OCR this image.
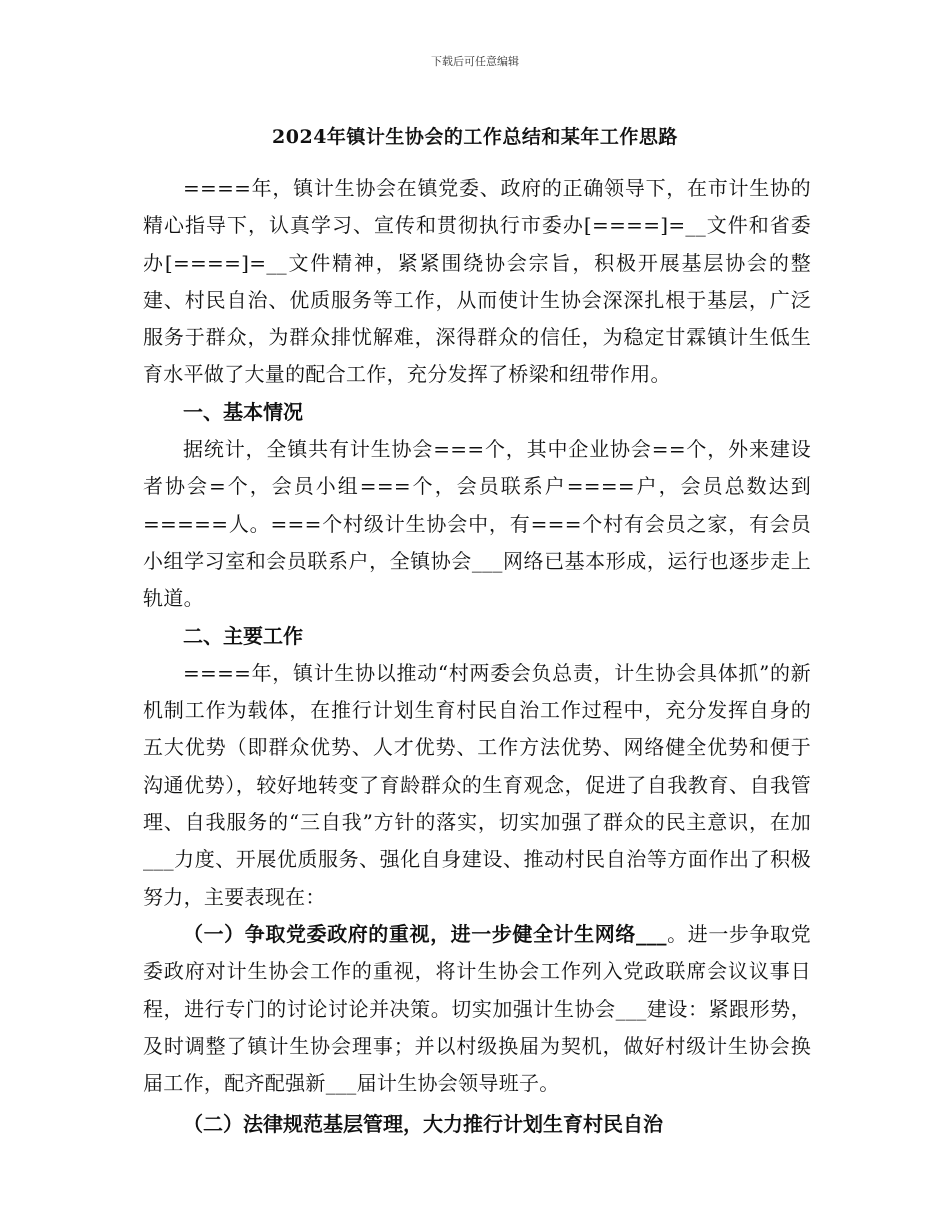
下载后可任意编辑
2024年镇计生协会的工作总结和某年工作思路

====年，镇计生协会在镇党委、政府的正确领导下，在市计生协的精心指导下，认真学习、宣传和贯彻执行市委办[====]=__文件和省委办[====]=__文件精神，紧紧围绕协会宗旨，积极开展基层协会的整建、村民自治、优质服务等工作，从而使计生协会深深扎根于基层，广泛服务于群众，为群众排忧解难，深得群众的信任，为稳定甘霖镇计生低生育水平做了大量的配合工作，充分发挥了桥梁和纽带作用。

一、基本情况

据统计，全镇共有计生协会===个，其中企业协会==个，外来建设者协会=个，会员小组===个，会员联系户====户，会员总数达到=====人。===个村级计生协会中，有===个村有会员之家，有会员小组学习室和会员联系户，全镇协会___网络已基本形成，运行也逐步走上轨道。

二、主要工作

====年，镇计生协以推动“村两委会负总责，计生协会具体抓”的新机制工作为载体，在推行计划生育村民自治工作过程中，充分发挥自身的五大优势（即群众优势、人才优势、工作方法优势、网络健全优势和便于沟通优势），较好地转变了育龄群众的生育观念，促进了自我教育、自我管理、自我服务的“三自我”方针的落实，切实加强了群众的民主意识，在加___力度、开展优质服务、强化自身建设、推动村民自治等方面作出了积极努力，主要表现在：

（一）争取党委政府的重视，进一步健全计生网络___。进一步争取党委政府对计生协会工作的重视，将计生协会工作列入党政联席会议议事日程，进行专门的讨论讨论并决策。切实加强计生协会___建设：紧跟形势，及时调整了镇计生协会理事；并以村级换届为契机，做好村级计生协会换届工作，配齐配强新___届计生协会领导班子。

（二）法律规范基层管理，大力推行计划生育村民自治
